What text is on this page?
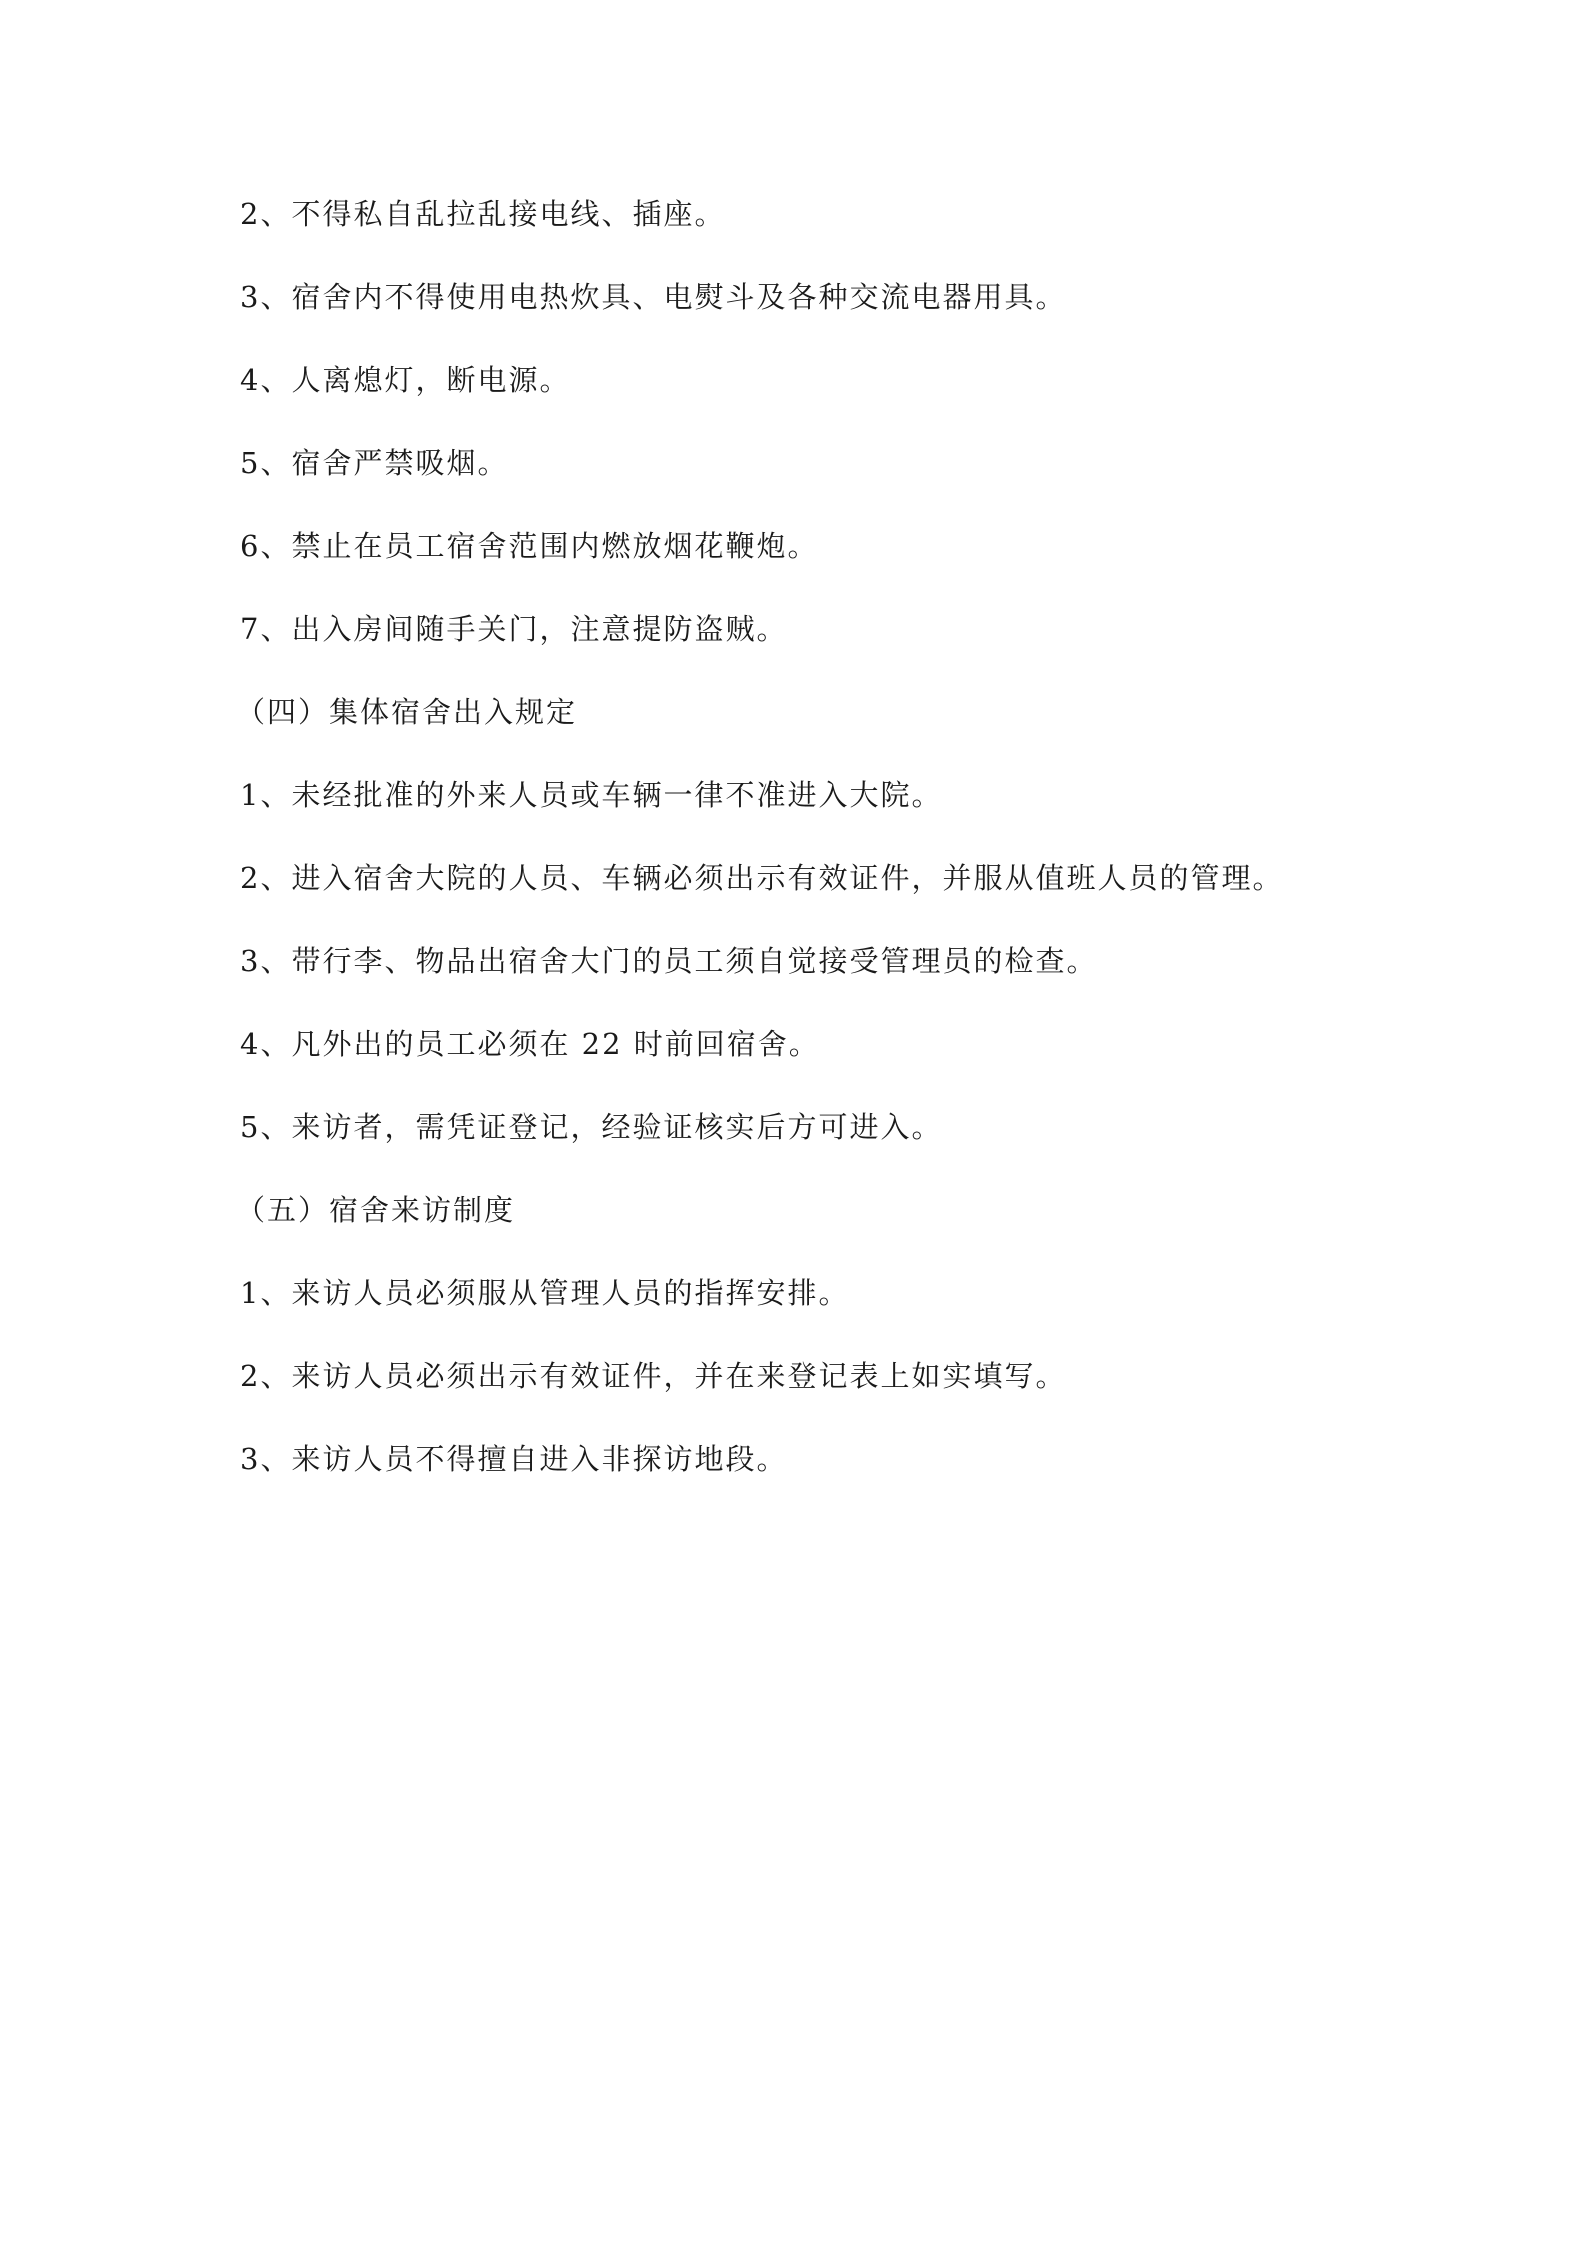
2、不得私自乱拉乱接电线、插座。
3、宿舍内不得使用电热炊具、电熨斗及各种交流电器用具。
4、人离熄灯，断电源。
5、宿舍严禁吸烟。
6、禁止在员工宿舍范围内燃放烟花鞭炮。
7、出入房间随手关门，注意提防盗贼。
（四）集体宿舍出入规定
1、未经批准的外来人员或车辆一律不准进入大院。
2、进入宿舍大院的人员、车辆必须出示有效证件，并服从值班人员的管理。
3、带行李、物品出宿舍大门的员工须自觉接受管理员的检查。
4、凡外出的员工必须在 22 时前回宿舍。
5、来访者，需凭证登记，经验证核实后方可进入。
（五）宿舍来访制度
1、来访人员必须服从管理人员的指挥安排。
2、来访人员必须出示有效证件，并在来登记表上如实填写。
3、来访人员不得擅自进入非探访地段。
